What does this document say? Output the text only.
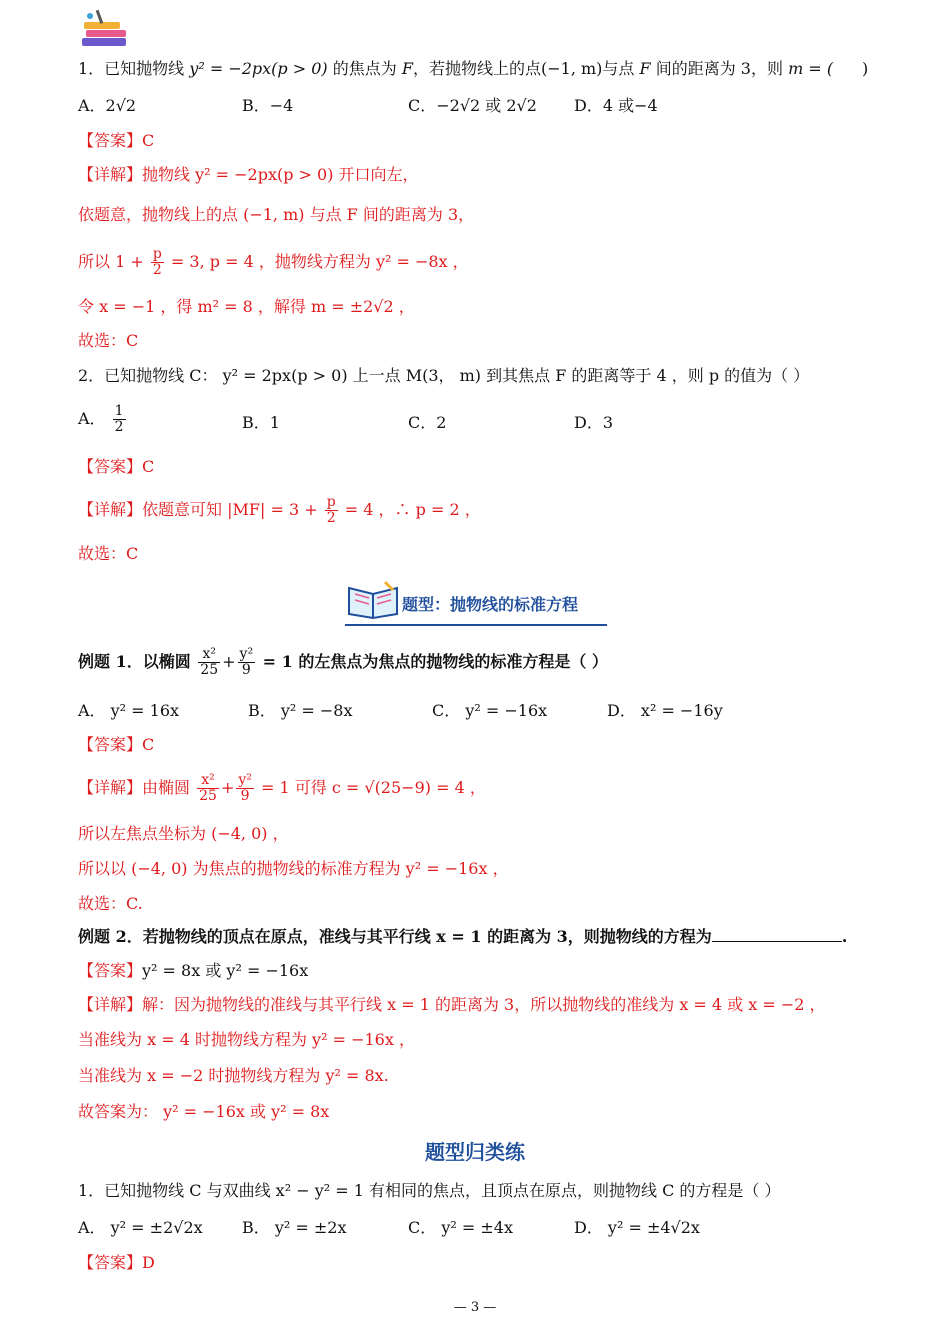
1．已知抛物线 y² = −2px(p > 0) 的焦点为 F，若抛物线上的点(−1, m)与点 F 间的距离为 3，则 m = ( )
A．2√2	B．−4	C．−2√2 或 2√2 D．4 或−4
【答案】C
【详解】抛物线 y² = −2px(p > 0) 开口向左，
依题意，抛物线上的点 (−1, m) 与点 F 间的距离为 3，
所以 $1 + \frac{p}{2} = 3$, p = 4 ，抛物线方程为 y² = −8x ，
令 x = −1 ，得 m² = 8 ，解得 m = ±2√2 ，
故选：C
2．已知抛物线 C： y² = 2px(p > 0) 上一点 M(3， m) 到其焦点 F 的距离等于 4 ，则 p 的值为（ ）
A． $\frac{1}{2}$	B．1	C．2	D．3
【答案】C
【详解】依题意可知 $|MF| = 3 + \frac{p}{2} = 4$ ，∴ p = 2 ，
故选：C
题型：抛物线的标准方程
例题 1．以椭圆 $\frac{\text{x²}}{25} + \frac{\text{y²}}{9} = 1$ 的左焦点为焦点的抛物线的标准方程是（ ）
A． y² = 16x	B． y² = −8x	C． y² = −16x	D． x² = −16y
【答案】C
【详解】由椭圆 $\frac{\text{x²}}{25} + \frac{\text{y²}}{9} = 1$ 可得 c = √(25−9) = 4 ，
所以左焦点坐标为 (−4, 0) ，
所以以 (−4, 0) 为焦点的抛物线的标准方程为 y² = −16x ，
故选：C.
例题 2．若抛物线的顶点在原点，准线与其平行线 x = 1 的距离为 3，则抛物线的方程为	.
【答案】y² = 8x 或 y² = −16x
【详解】解：因为抛物线的准线与其平行线 x = 1 的距离为 3，所以抛物线的准线为 x = 4 或 x = −2 ，
当准线为 x = 4 时抛物线方程为 y² = −16x ，
当准线为 x = −2 时抛物线方程为 y² = 8x.
故答案为： y² = −16x 或 y² = 8x
题型归类练
1．已知抛物线 C 与双曲线 x² − y² = 1 有相同的焦点，且顶点在原点，则抛物线 C 的方程是（ ）
A． y² = ±2√2x B． y² = ±2x	C． y² = ±4x	D． y² = ±4√2x
【答案】D
— 3 —
